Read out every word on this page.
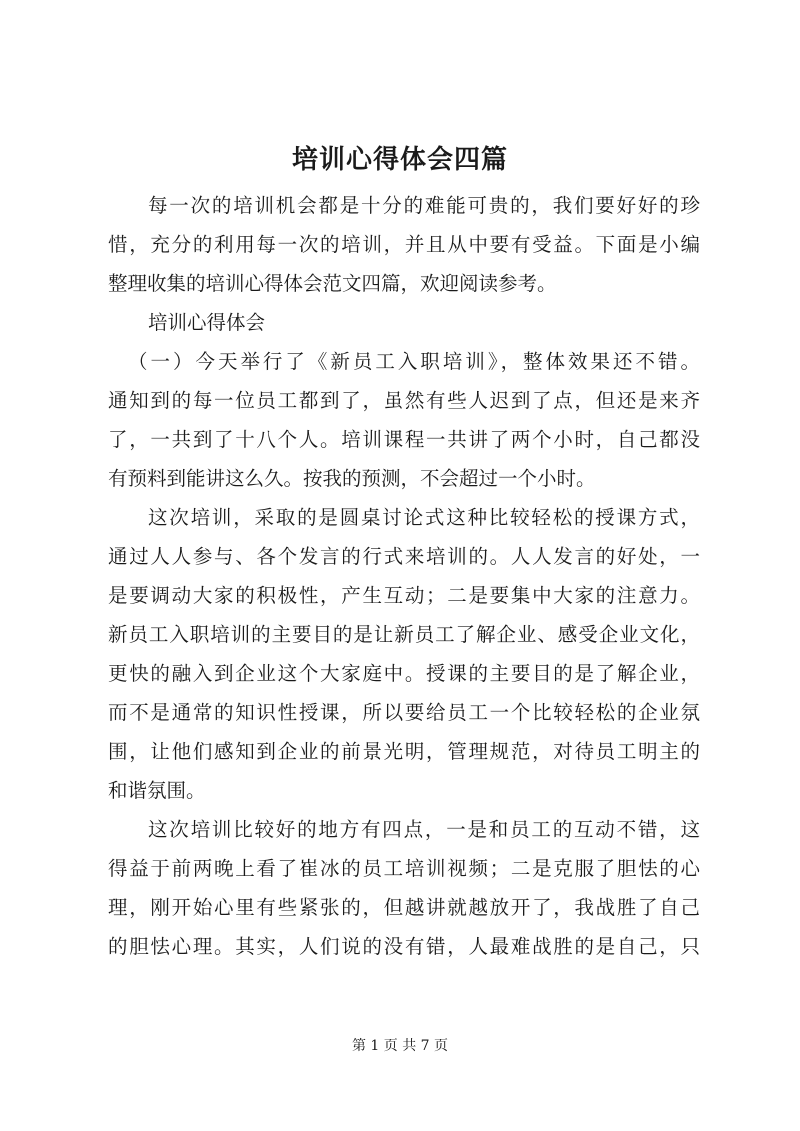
培训心得体会四篇
每一次的培训机会都是十分的难能可贵的，我们要好好的珍
惜，充分的利用每一次的培训，并且从中要有受益。下面是小编
整理收集的培训心得体会范文四篇，欢迎阅读参考。
培训心得体会
（一）今天举行了《新员工入职培训》，整体效果还不错。
通知到的每一位员工都到了，虽然有些人迟到了点，但还是来齐
了，一共到了十八个人。培训课程一共讲了两个小时，自己都没
有预料到能讲这么久。按我的预测，不会超过一个小时。
这次培训，采取的是圆桌讨论式这种比较轻松的授课方式，
通过人人参与、各个发言的行式来培训的。人人发言的好处，一
是要调动大家的积极性，产生互动；二是要集中大家的注意力。
新员工入职培训的主要目的是让新员工了解企业、感受企业文化，
更快的融入到企业这个大家庭中。授课的主要目的是了解企业，
而不是通常的知识性授课，所以要给员工一个比较轻松的企业氛
围，让他们感知到企业的前景光明，管理规范，对待员工明主的
和谐氛围。
这次培训比较好的地方有四点，一是和员工的互动不错，这
得益于前两晚上看了崔冰的员工培训视频；二是克服了胆怯的心
理，刚开始心里有些紧张的，但越讲就越放开了，我战胜了自己
的胆怯心理。其实，人们说的没有错，人最难战胜的是自己，只
第 1 页 共 7 页
